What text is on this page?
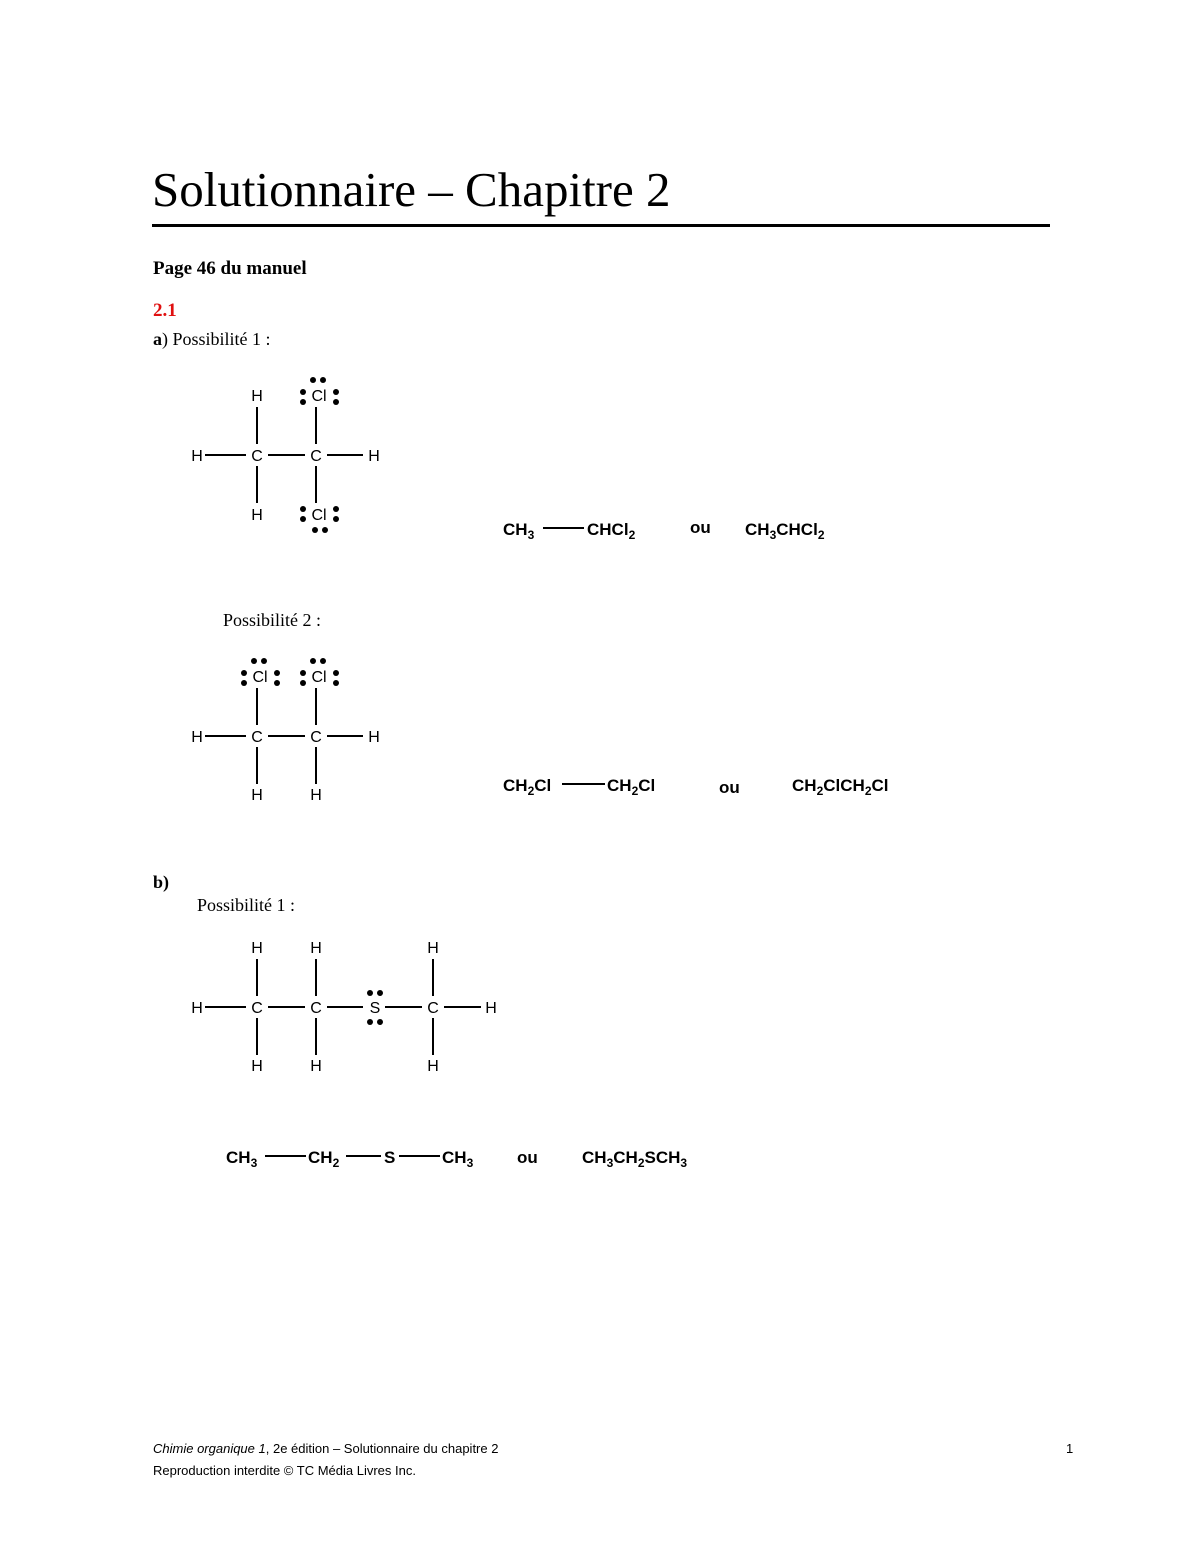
Solutionnaire – Chapitre 2
Page 46 du manuel
2.1
a) Possibilité 1 :
Possibilité 2 :
b)
Possibilité 1 :
H	Cl
H	C	C	H
H	Cl
Cl	Cl
H	C	C	H
H	H
H	H	H
H	C	C	S	C	H
H	H	H
$CH_3$	CHCl$_2$	ou $CH_3CHCl_2$
$CH_2Cl$	$CH_2Cl$	ou	$CH_2ClCH_2Cl$
$CH_3$	$CH_2$	S	$CH_3$	ou	$CH_3CH_2SCH_3$
Chimie organique 1, 2e édition – Solutionnaire du chapitre 2
Reproduction interdite © TC Média Livres Inc.
1
